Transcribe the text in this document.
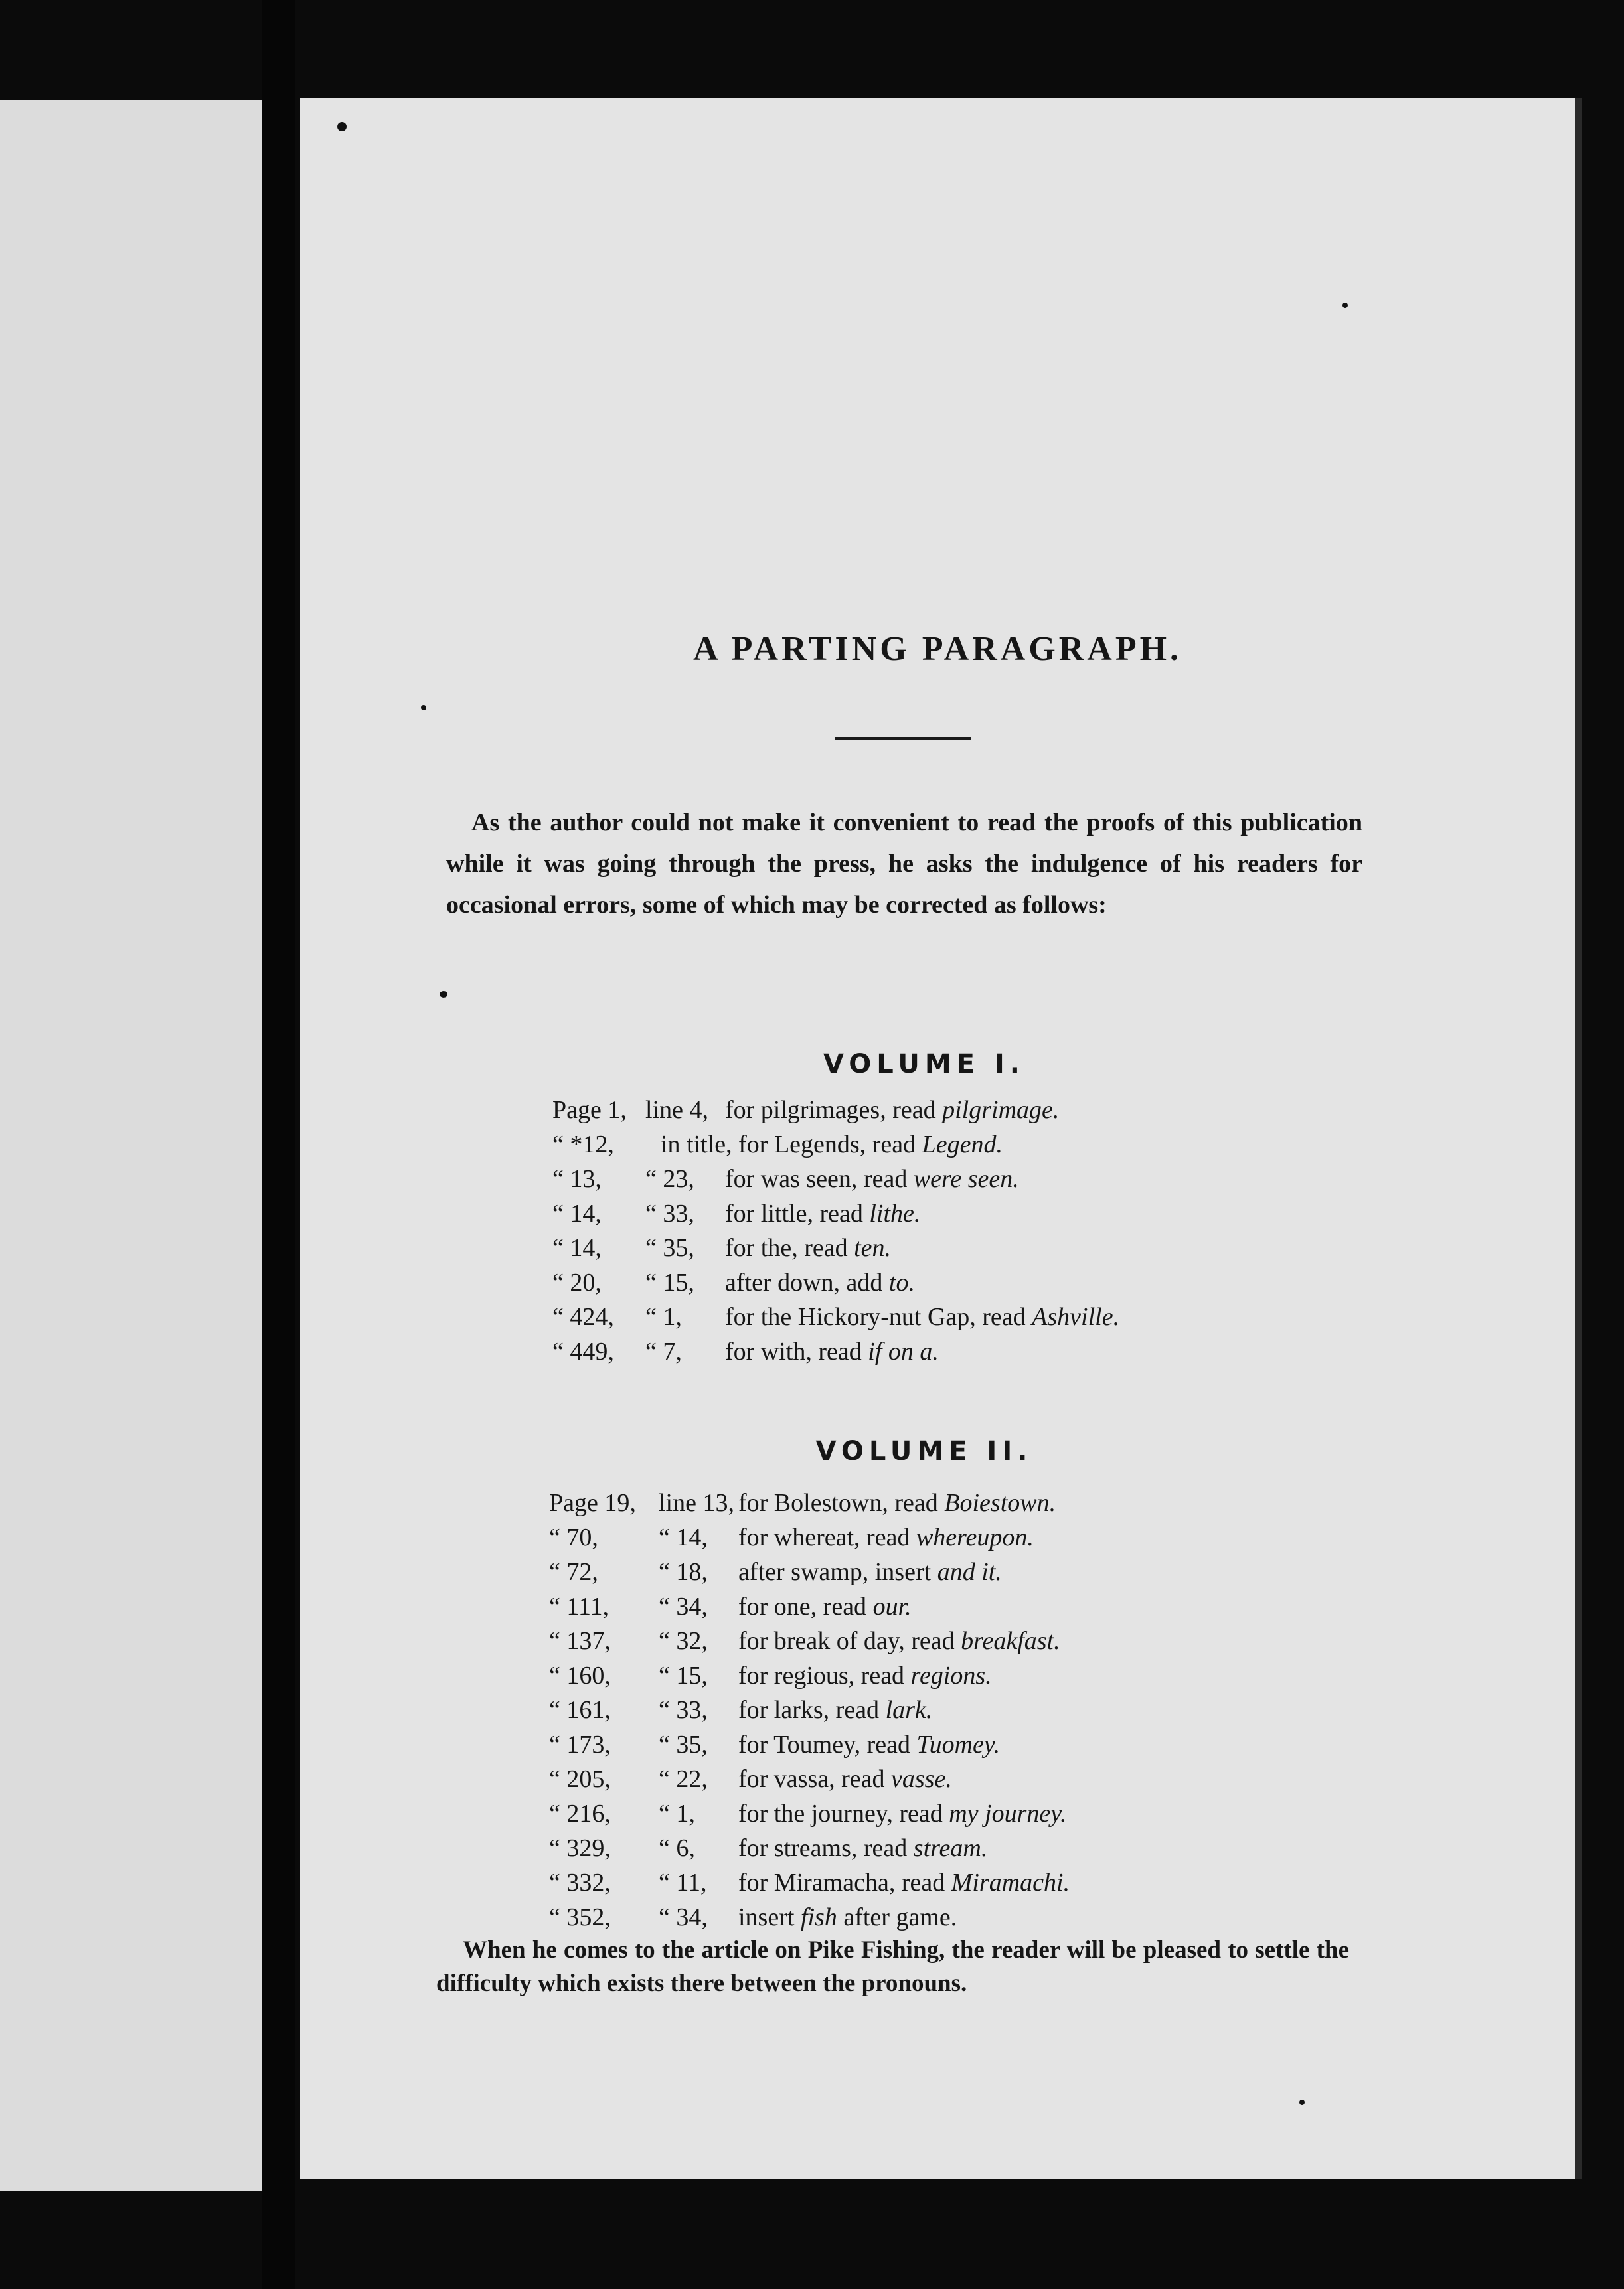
A PARTING PARAGRAPH.
As the author could not make it convenient to read the proofs of this publication while it was going through the press, he asks the indulgence of his readers for occasional errors, some of which may be corrected as follows:
VOLUME I.
Page 1, line 4, for pilgrimages, read pilgrimage.
“ *12, in title, for Legends, read Legend.
“ 13, “ 23, for was seen, read were seen.
“ 14, “ 33, for little, read lithe.
“ 14, “ 35, for the, read ten.
“ 20, “ 15, after down, add to.
“ 424, “ 1, for the Hickory-nut Gap, read Ashville.
“ 449, “ 7, for with, read if on a.
VOLUME II.
Page 19, line 13, for Bolestown, read Boiestown.
“ 70, “ 14, for whereat, read whereupon.
“ 72, “ 18, after swamp, insert and it.
“ 111, “ 34, for one, read our.
“ 137, “ 32, for break of day, read breakfast.
“ 160, “ 15, for regious, read regions.
“ 161, “ 33, for larks, read lark.
“ 173, “ 35, for Toumey, read Tuomey.
“ 205, “ 22, for vassa, read vasse.
“ 216, “ 1, for the journey, read my journey.
“ 329, “ 6, for streams, read stream.
“ 332, “ 11, for Miramacha, read Miramachi.
“ 352, “ 34, insert fish after game.
When he comes to the article on Pike Fishing, the reader will be pleased to settle the difficulty which exists there between the pronouns.
